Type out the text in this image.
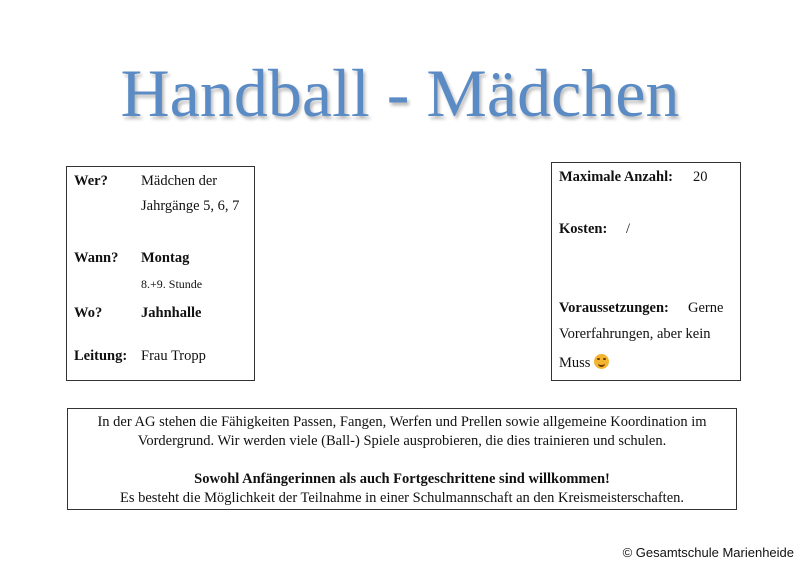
Handball - Mädchen
Wer? Mädchen der
Jahrgänge 5, 6, 7
Wann? Montag
8.+9. Stunde
Wo?	Jahnhalle
Leitung: Frau Tropp
Maximale Anzahl: 20
Kosten: /
Voraussetzungen: Gerne
Vorerfahrungen, aber kein
Muss
In der AG stehen die Fähigkeiten Passen, Fangen, Werfen und Prellen sowie allgemeine Koordination im
Vordergrund. Wir werden viele (Ball-) Spiele ausprobieren, die dies trainieren und schulen.
Sowohl Anfängerinnen als auch Fortgeschrittene sind willkommen!
Es besteht die Möglichkeit der Teilnahme in einer Schulmannschaft an den Kreismeisterschaften.
© Gesamtschule Marienheide
